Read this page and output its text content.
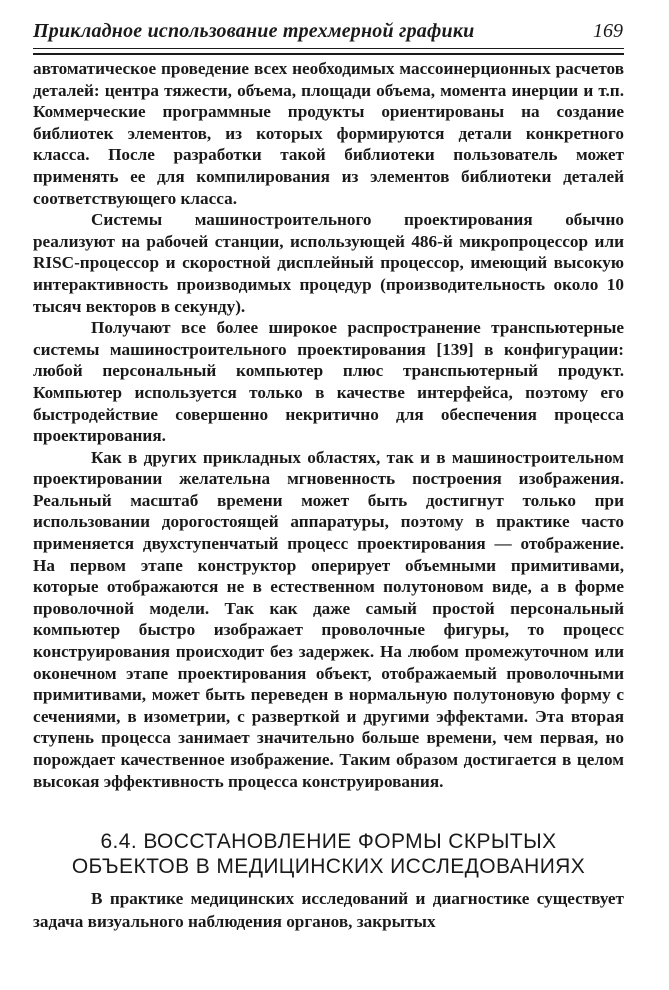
Прикладное использование трехмерной графики	169

автоматическое проведение всех необходимых массоинерционных расчетов деталей: центра тяжести, объема, площади объема, момента инерции и т.п. Коммерческие программные продукты ориентированы на создание библиотек элементов, из которых формируются детали конкретного класса. После разработки такой библиотеки пользователь может применять ее для компилирования из элементов библиотеки деталей соответствующего класса.

Системы машиностроительного проектирования обычно реализуют на рабочей станции, использующей 486-й микропроцессор или RISC-процессор и скоростной дисплейный процессор, имеющий высокую интерактивность производимых процедур (производительность около 10 тысяч векторов в секунду).

Получают все более широкое распространение транспьютерные системы машиностроительного проектирования [139] в конфигурации: любой персональный компьютер плюс транспьютерный продукт. Компьютер используется только в качестве интерфейса, поэтому его быстродействие совершенно некритично для обеспечения процесса проектирования.

Как в других прикладных областях, так и в машиностроительном проектировании желательна мгновенность построения изображения. Реальный масштаб времени может быть достигнут только при использовании дорогостоящей аппаратуры, поэтому в практике часто применяется двухступенчатый процесс проектирования — отображение. На первом этапе конструктор оперирует объемными примитивами, которые отображаются не в естественном полутоновом виде, а в форме проволочной модели. Так как даже самый простой персональный компьютер быстро изображает проволочные фигуры, то процесс конструирования происходит без задержек. На любом промежуточном или оконечном этапе проектирования объект, отображаемый проволочными примитивами, может быть переведен в нормальную полутоновую форму с сечениями, в изометрии, с разверткой и другими эффектами. Эта вторая ступень процесса занимает значительно больше времени, чем первая, но порождает качественное изображение. Таким образом достигается в целом высокая эффективность процесса конструирования.

6.4. ВОССТАНОВЛЕНИЕ ФОРМЫ СКРЫТЫХ
ОБЪЕКТОВ В МЕДИЦИНСКИХ ИССЛЕДОВАНИЯХ

В практике медицинских исследований и диагностике существует задача визуального наблюдения органов, закрытых
